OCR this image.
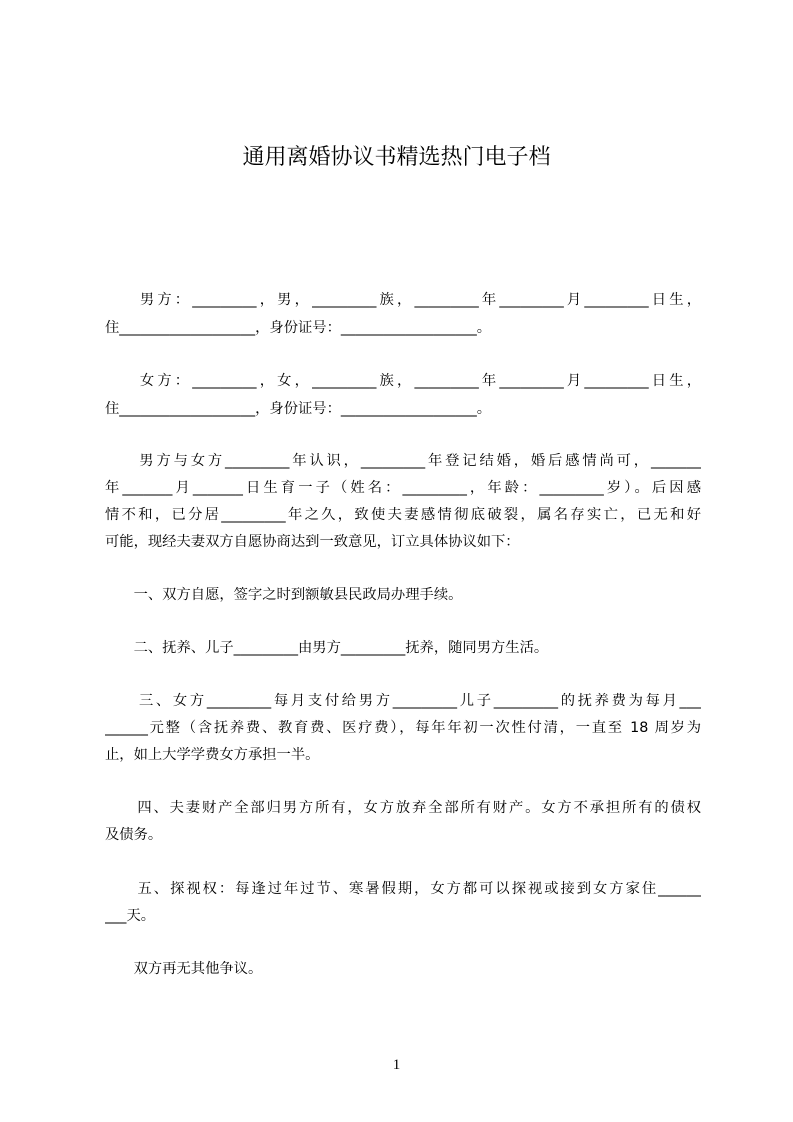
通用离婚协议书精选热门电子档
　　男方：_________，男，_________族，_________年_________月_________日生，
住___________________，身份证号：___________________。
　　女方：_________，女，_________族，_________年_________月_________日生，
住___________________，身份证号：___________________。
　　男方与女方_________年认识，_________年登记结婚，婚后感情尚可，_______
年_______月_______日生育一子（姓名：_________，年龄：_________岁）。后因感
情不和，已分居_________年之久，致使夫妻感情彻底破裂，属名存实亡，已无和好
可能，现经夫妻双方自愿协商达到一致意见，订立具体协议如下：
　　一、双方自愿，签字之时到额敏县民政局办理手续。
　　二、抚养、儿子_________由男方_________抚养，随同男方生活。
　　三、女方_________每月支付给男方_________儿子_________的抚养费为每月___
______元整（含抚养费、教育费、医疗费），每年年初一次性付清，一直至 18 周岁为
止，如上大学学费女方承担一半。
　　四、夫妻财产全部归男方所有，女方放弃全部所有财产。女方不承担所有的债权
及债务。
　　五、探视权：每逢过年过节、寒暑假期，女方都可以探视或接到女方家住______
___天。
　　双方再无其他争议。
1
